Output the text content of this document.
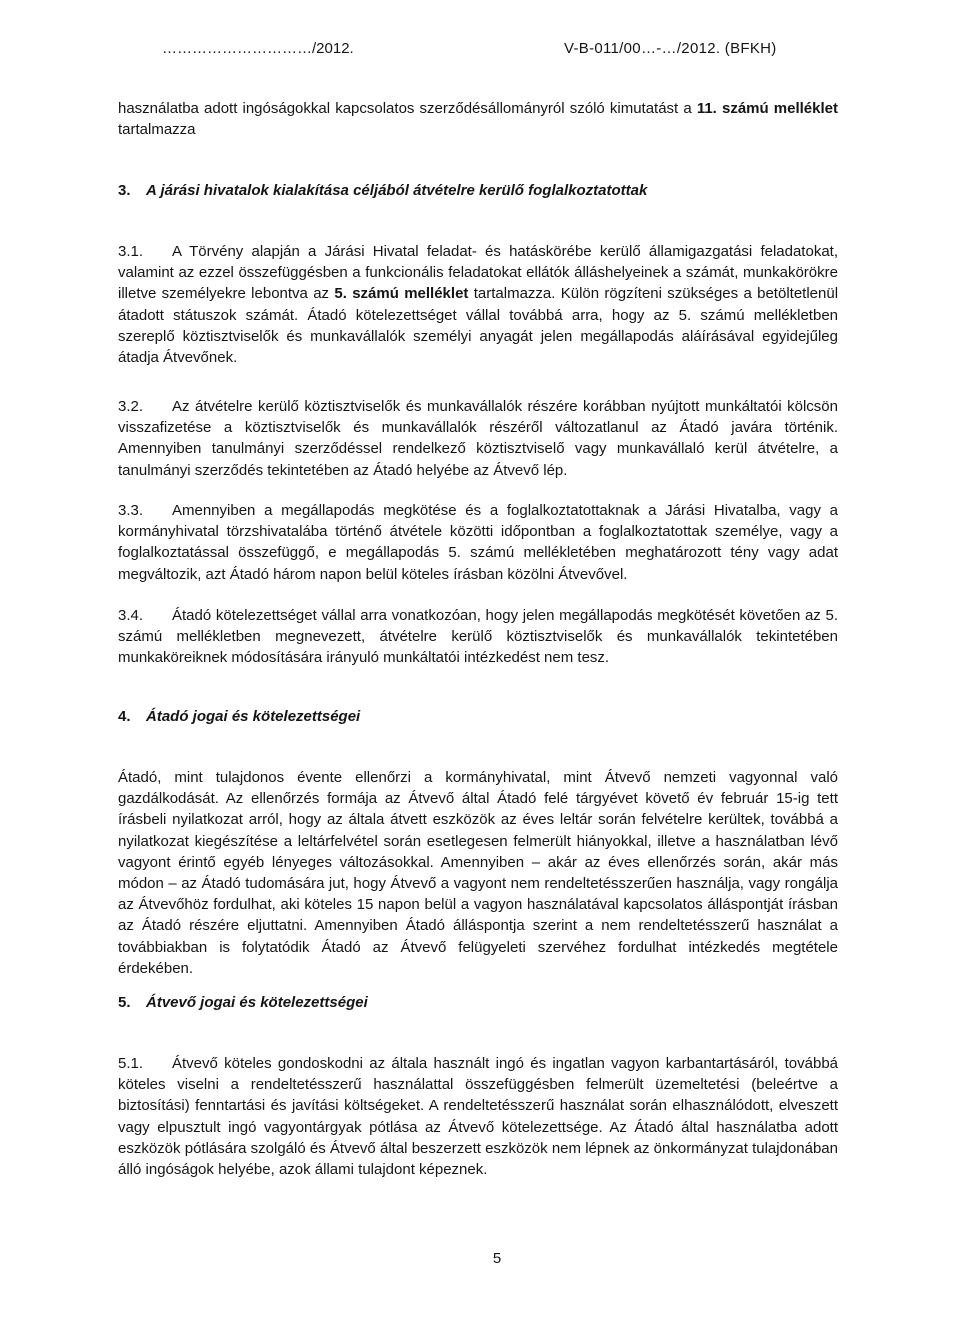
…………………………/2012.	V-B-011/00…-…/2012. (BFKH)
használatba adott ingóságokkal kapcsolatos szerződésállományról szóló kimutatást a 11. számú melléklet tartalmazza
3. A járási hivatalok kialakítása céljából átvételre kerülő foglalkoztatottak
3.1. A Törvény alapján a Járási Hivatal feladat- és hatáskörébe kerülő államigazgatási feladatokat, valamint az ezzel összefüggésben a funkcionális feladatokat ellátók álláshelyeinek a számát, munkakörökre illetve személyekre lebontva az 5. számú melléklet tartalmazza. Külön rögzíteni szükséges a betöltetlenül átadott státuszok számát. Átadó kötelezettséget vállal továbbá arra, hogy az 5. számú mellékletben szereplő köztisztviselők és munkavállalók személyi anyagát jelen megállapodás aláírásával egyidejűleg átadja Átvevőnek.
3.2. Az átvételre kerülő köztisztviselők és munkavállalók részére korábban nyújtott munkáltatói kölcsön visszafizetése a köztisztviselők és munkavállalók részéről változatlanul az Átadó javára történik. Amennyiben tanulmányi szerződéssel rendelkező köztisztviselő vagy munkavállaló kerül átvételre, a tanulmányi szerződés tekintetében az Átadó helyébe az Átvevő lép.
3.3. Amennyiben a megállapodás megkötése és a foglalkoztatottaknak a Járási Hivatalba, vagy a kormányhivatal törzshivatalába történő átvétele közötti időpontban a foglalkoztatottak személye, vagy a foglalkoztatással összefüggő, e megállapodás 5. számú mellékletében meghatározott tény vagy adat megváltozik, azt Átadó három napon belül köteles írásban közölni Átvevővel.
3.4. Átadó kötelezettséget vállal arra vonatkozóan, hogy jelen megállapodás megkötését követően az 5. számú mellékletben megnevezett, átvételre kerülő köztisztviselők és munkavállalók tekintetében munkaköreiknek módosítására irányuló munkáltatói intézkedést nem tesz.
4. Átadó jogai és kötelezettségei
Átadó, mint tulajdonos évente ellenőrzi a kormányhivatal, mint Átvevő nemzeti vagyonnal való gazdálkodását. Az ellenőrzés formája az Átvevő által Átadó felé tárgyévet követő év február 15-ig tett írásbeli nyilatkozat arról, hogy az általa átvett eszközök az éves leltár során felvételre kerültek, továbbá a nyilatkozat kiegészítése a leltárfelvétel során esetlegesen felmerült hiányokkal, illetve a használatban lévő vagyont érintő egyéb lényeges változásokkal. Amennyiben – akár az éves ellenőrzés során, akár más módon – az Átadó tudomására jut, hogy Átvevő a vagyont nem rendeltetésszerűen használja, vagy rongálja az Átvevőhöz fordulhat, aki köteles 15 napon belül a vagyon használatával kapcsolatos álláspontját írásban az Átadó részére eljuttatni. Amennyiben Átadó álláspontja szerint a nem rendeltetésszerű használat a továbbiakban is folytatódik Átadó az Átvevő felügyeleti szervéhez fordulhat intézkedés megtétele érdekében.
5. Átvevő jogai és kötelezettségei
5.1. Átvevő köteles gondoskodni az általa használt ingó és ingatlan vagyon karbantartásáról, továbbá köteles viselni a rendeltetésszerű használattal összefüggésben felmerült üzemeltetési (beleértve a biztosítási) fenntartási és javítási költségeket. A rendeltetésszerű használat során elhasználódott, elveszett vagy elpusztult ingó vagyontárgyak pótlása az Átvevő kötelezettsége. Az Átadó által használatba adott eszközök pótlására szolgáló és Átvevő által beszerzett eszközök nem lépnek az önkormányzat tulajdonában álló ingóságok helyébe, azok állami tulajdont képeznek.
5
